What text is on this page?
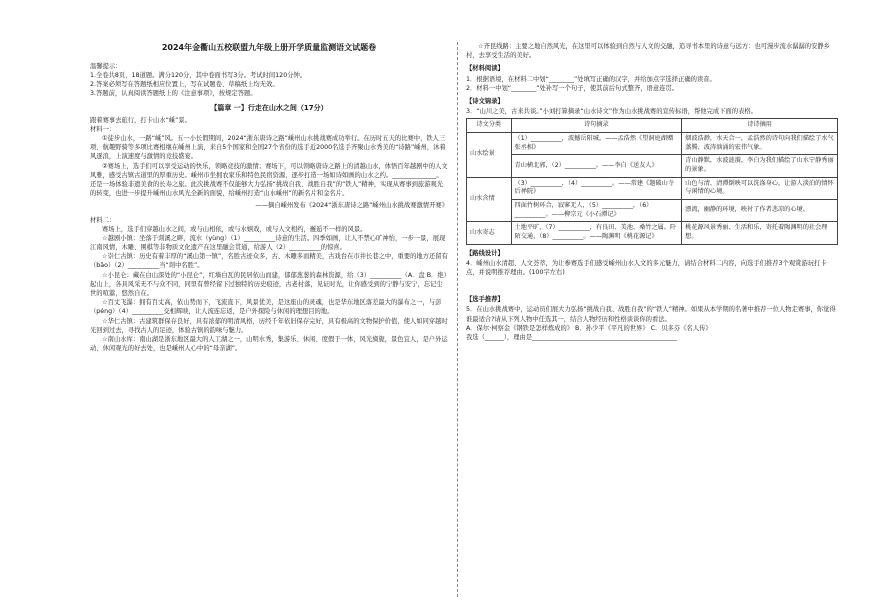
2024年金衢山五校联盟九年级上册开学质量监测语文试题卷

温馨提示：

1.全卷共8页，18道题。满分120分，其中卷面书写3分。考试时间120分钟。

2.答案必须写在答题纸相应位置上，写在试题卷、草稿纸上均无效。

3.答题前，认真阅读答题纸上的《注意事项》，按规定答题。

【篇章 一】行走在山水之间（17分）

跟着赛事去旅行，打卡山水“嵊”景。

材料一：

①徒步山水，一路“嵊”风。五一小长假期间，2024“浙东唐诗之路”嵊州山水挑战赛成功举行。在历时五天的比赛中，铁人三项、航趣野骑等多项比赛相继在嵊州上演，来自5个国家和全国27个省份的选手近2000名选手齐聚山水秀美的“诗路”嵊州，沐着风逐浪，上演速度与激情的竞技盛宴。

②赛场上，选手们可以享受运动的快乐，领略竞技的激情；赛场下，可以领略唐诗之路上的清越山水，体悟百年越剧中的人文风雅，感受古镇古道里的厚重历史。嵊州市坐拥农家乐和特色民宿资源，逐步打造一场如诗如画的山水之约。______________。还是一场体验非遗美食的长寿之旅。此次挑战赛不仅能够大力弘扬“挑战自我、战胜自我”的“铁人”精神，实现从赛事到旅游观光的转变，也进一步提升嵊州山水风光全新的面貌，给嵊州打造“山水嵊州”的新名片和金名片。

——摘自嵊州发布《2024“浙东唐诗之路”嵊州山水挑战赛激情开赛》

材料二：

赛场上，选手们穿越山水之间，或与山相依，或与水嬉戏，或与人文相约，邂逅不一样的风景。

☆越剧小镇：坐落于剡溪之畔，流水（yùng）（1）__________诗意的生活。四季如画，让人不禁心旷神怡，一步一景，展现江南风情，木雕、围棋等非物质文化遗产在这里融会贯通，给游人（2）__________的惊喜。

☆崇仁古镇：历史有着丰厚的“溪山第一镇”，名胜古迹众多，古、木雕多而精美，古戏台在市井长巷之中，重要的地方还留有（bāo）（2）__________当“剡中名胜”。

☆小昆仑：藏在白山深处的“小昆仑”，红墙白瓦的民居依山而建，郁郁葱葱的森林资源，给（3）__________（A．盘 B．绝）起山上，各具风采无不与众不同，同里有曾经留下过独特的历史痕迹，古老村落，见证时光，让你感受到的宁静与安宁，忘记尘世的喧嚣，悠然自在。

☆百丈飞瀑：拥有百丈高，依山势而下，飞流直下，风景优美，是这座山的灵魂，也是华东地区落差最大的瀑布之一，与彭（péng）（4）__________交相辉映，让人流连忘返，是户外探险与休闲的理想目的地。

☆华仁古镇：古建筑群保存良好，具有浓郁的明清风格，历经千年依旧保存完好，具有极高的文物保护价值，使人如同穿越时光回到过去，寻找古人的足迹，体验古镇的韵味与魅力。

☆南山水库：南山湖是浙东地区最大的人工湖之一，山明水秀，集游乐、休闲、度假于一体，风光旖旎，景色宜人，是户外运动、休闲观光的好去处，也是嵊州人心中的“母亲湖”。

☆齐昆线路：主要之地自然风光，在这里可以体验到自然与人文的交融，追寻书本里的诗意与远方：也可漫步流水潺潺的安静乡村，去享受生活的美好。

【材料阅读】

1．根据语境，在材料二中划“________”处填写正确的汉字，并给加点字选择正确的读音。

2．材料一中划“________”处补写一个句子，使其前后句式整齐，语意连贯。

【诗文锦录】

3．“山川之美，古来共谈。”小刘打算摘录“山水诗文”作为山水挑战赛的宣传标语，帮他完成下面的表格。

诗文分类	诗句摘录	诗诗摘用
山水绘景	（1）__________，波撼岳阳城。——孟浩然《望洞庭湖赠张丞相》	烟波浩渺，水天合一，孟浩然的诗句向我们描绘了水气蒸腾、波涛汹涌的宏伟气象。
	青山横北郭，（2）__________。——李白《送友人》	青山静默，水波涟漪，李白为我们描绘了山水宁静秀丽的景象。
山水含情	（3）__________，（4）__________。——常建《题破山寺后禅院》	山色与清、清潭倒映可以洗涤身心，让游人淡泊的情怀与闲情的心境。
	四面竹树环合，寂寥无人，（5）__________，（6）__________。——柳宗元《小石潭记》	漂流，幽静的环境，映衬了作者悲凉的心境。
山水寄志	土地平旷，（7）__________，有良田、美池、桑竹之属。阡陌交通，（8）__________。——陶渊明《桃花源记》	桃花源风景秀丽、生活和乐，寄托着陶渊明的社会理想。

【路线设计】

4．嵊州山水清超、人文荟萃，为让参赛选手们感受嵊州山水人文的多元魅力，请结合材料二内容，向选手们推荐3个观赏游玩打卡点，并说明推荐理由。(100字左右)

【选手推荐】

5．在山水挑战赛中，运动员们展大力弘扬“挑战自我、战胜自我”的“铁人”精神。如果从本学期的名著中推荐一位人物走赛事，你觉得谁最适合?请从下列人物中任选其一，结合人物经历和性格谈谈你的看法。

A．保尔·柯察金《钢铁是怎样炼成的》 B．孙少平《平凡的世界》 C．贝多芬《名人传》

我选（______），理由是______________________________________________
